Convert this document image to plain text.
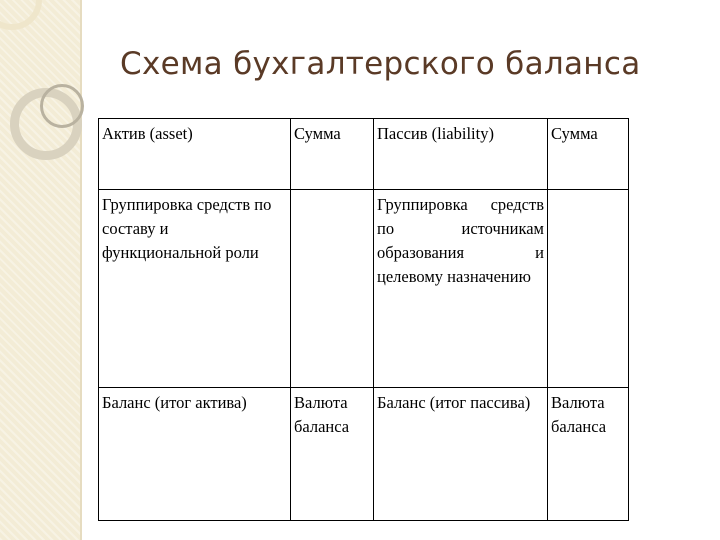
Схема бухгалтерского баланса
Актив (asset)	Сумма	Пассив (liability)	Сумма

Группировка средств по составу и функциональной роли		Группировка средств по источникам образования и целевому назначению	

Баланс (итог актива)	Валюта баланса	Баланс (итог пассива)	Валюта баланса
